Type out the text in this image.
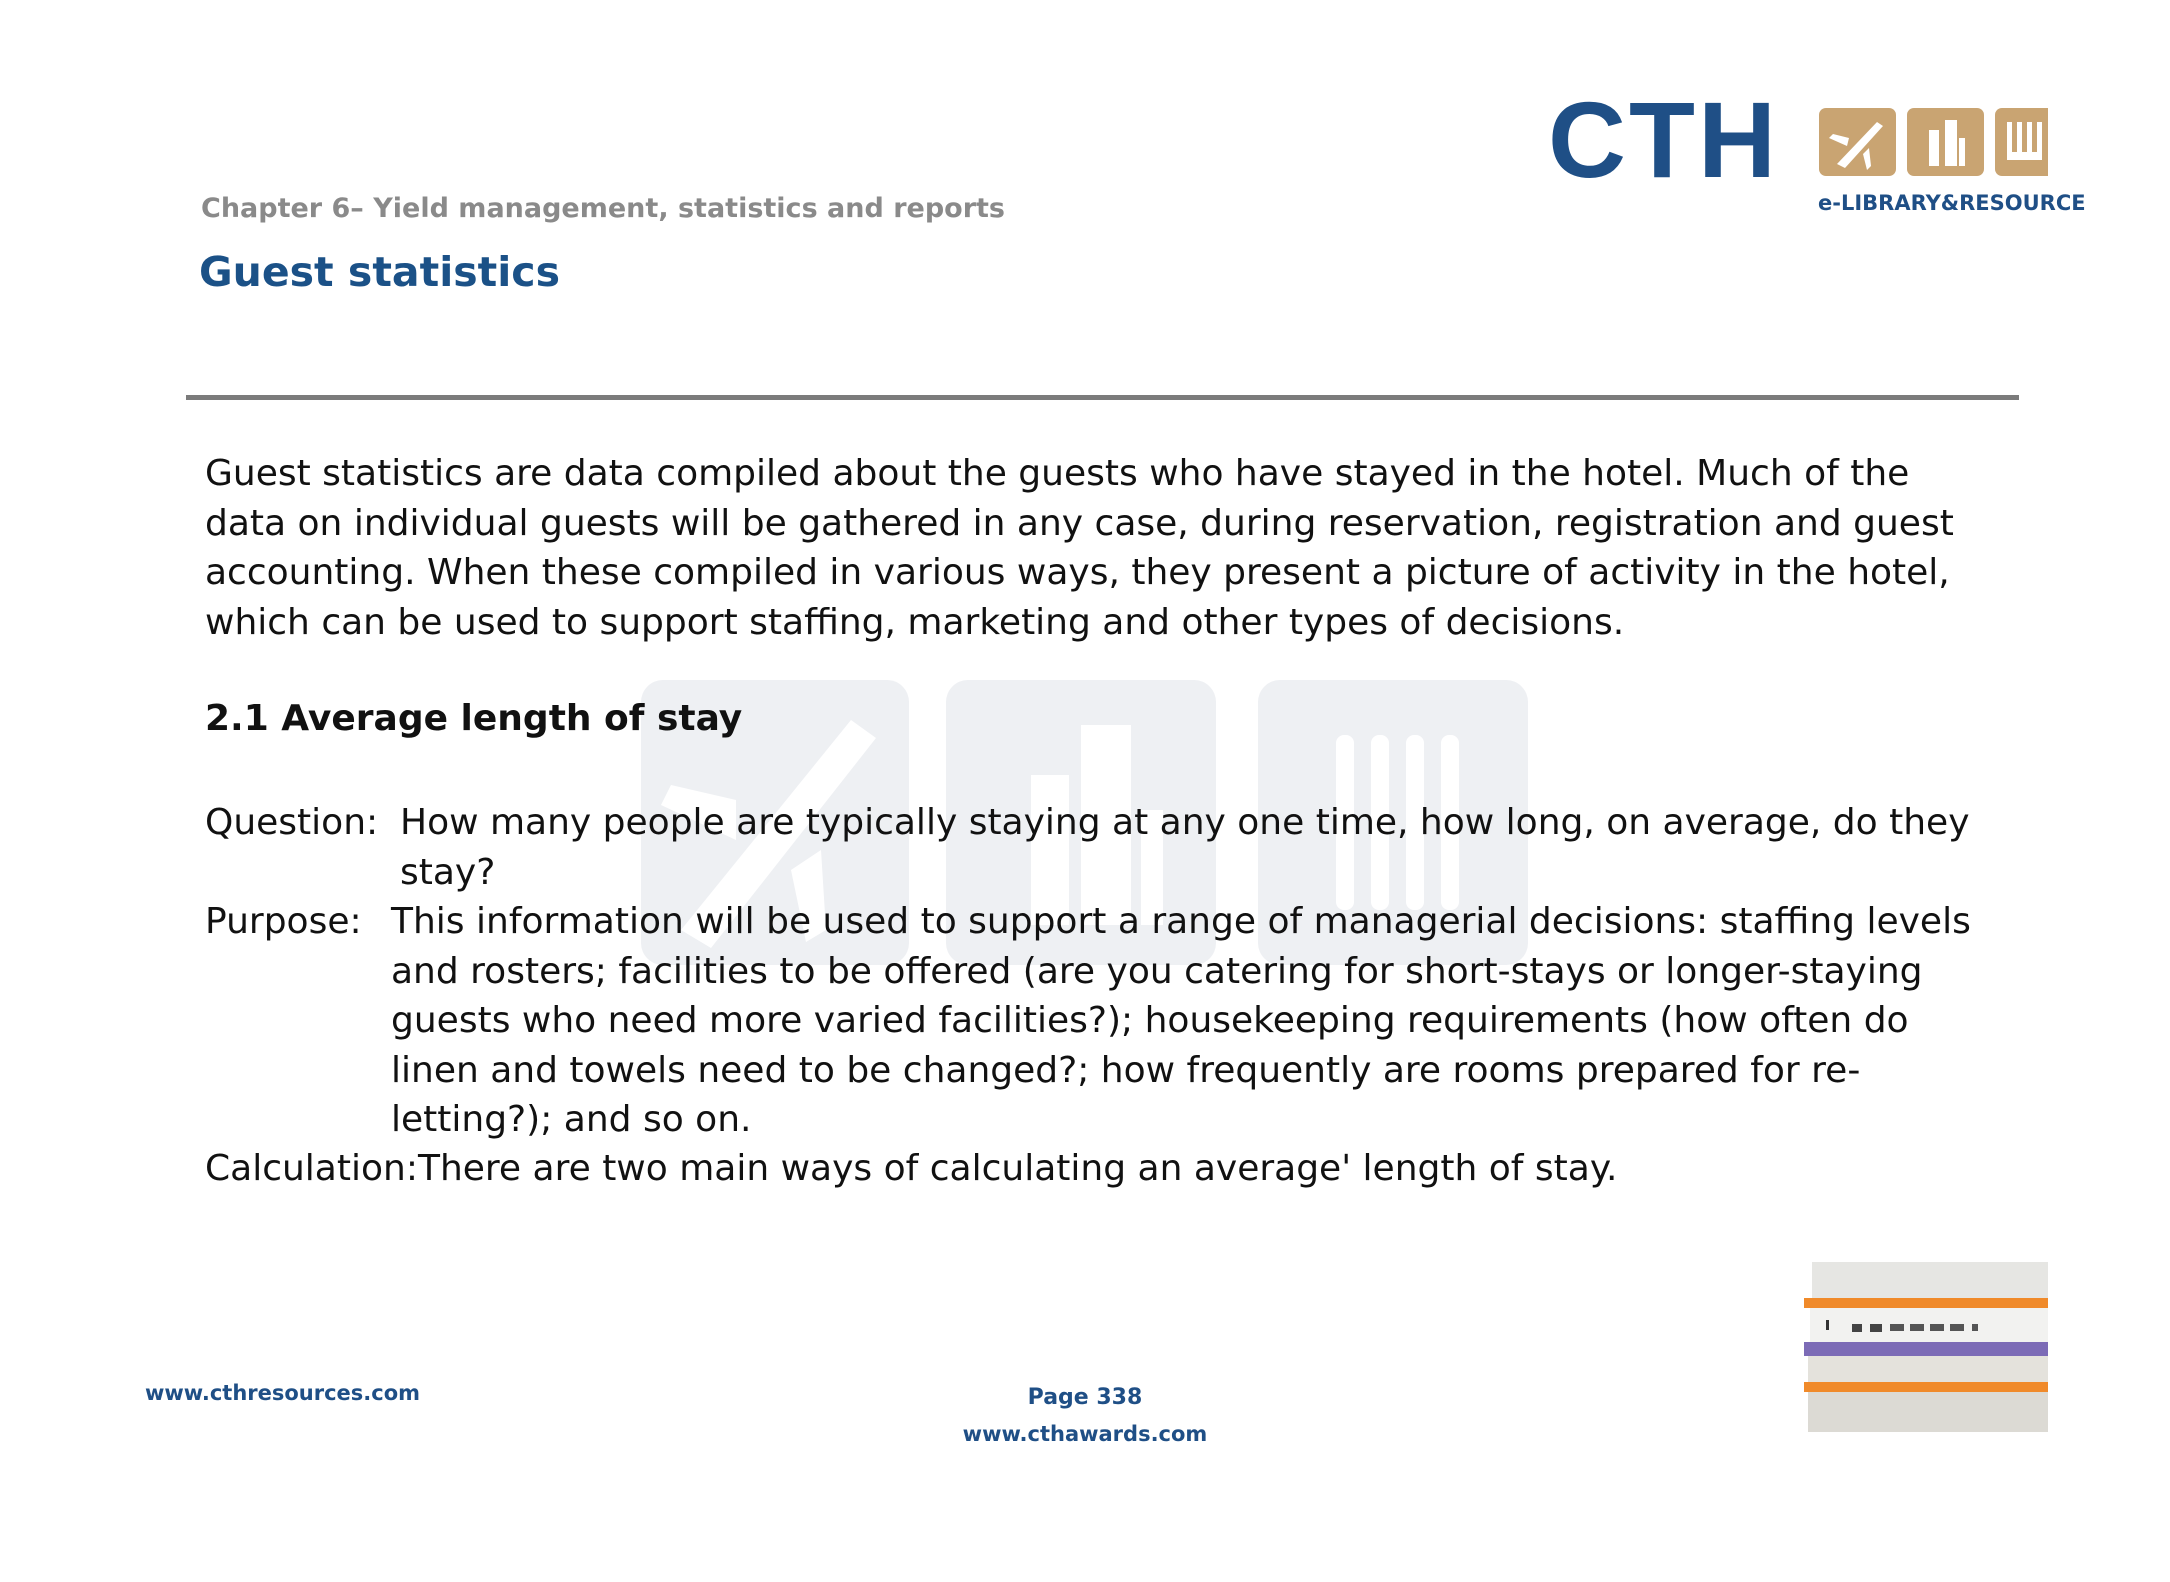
CTH
e-LIBRARY&RESOURCE
Chapter 6– Yield management, statistics and reports
Guest statistics
Guest statistics are data compiled about the guests who have stayed in the hotel. Much of the data on individual guests will be gathered in any case, during reservation, registration and guest accounting. When these compiled in various ways, they present a picture of activity in the hotel, which can be used to support staffing, marketing and other types of decisions.
2.1 Average length of stay
Question: How many people are typically staying at any one time, how long, on average, do they stay?
Purpose: This information will be used to support a range of managerial decisions: staffing levels and rosters; facilities to be offered (are you catering for short-stays or longer-staying guests who need more varied facilities?); housekeeping requirements (how often do linen and towels need to be changed?; how frequently are rooms prepared for re-letting?); and so on.
Calculation: There are two main ways of calculating an average' length of stay.
www.cthresources.com	Page 338
www.cthawards.com
